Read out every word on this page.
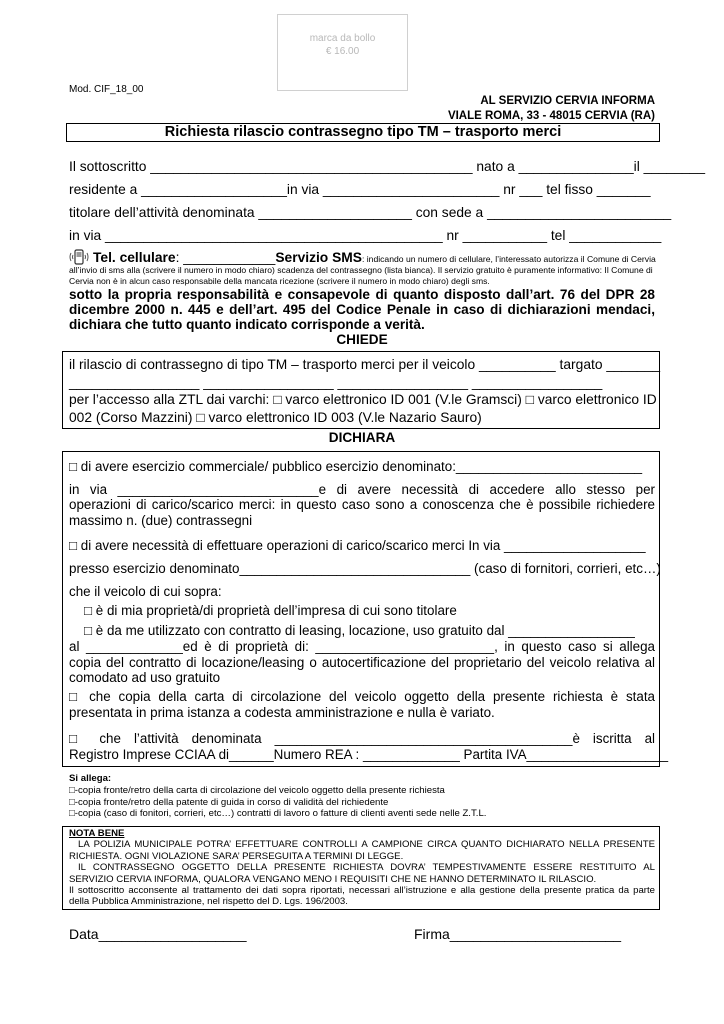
marca da bollo
€ 16.00
Mod. CIF_18_00
AL SERVIZIO CERVIA INFORMA
VIALE ROMA, 33 - 48015 CERVIA (RA)
Richiesta rilascio contrassegno tipo TM – trasporto merci
Il sottoscritto __________________________________________ nato a _______________il ________
residente a ___________________in via _______________________ nr ___ tel fisso _______
titolare dell’attività denominata ____________________ con sede a ________________________
in via ____________________________________________ nr ___________ tel ____________
Tel. cellulare: ____________Servizio SMS: indicando un numero di cellulare, l’interessato autorizza il Comune di Cervia
all’invio di sms alla (scrivere il numero in modo chiaro) scadenza del contrassegno (lista bianca). Il servizio gratuito è puramente informativo: Il Comune di
Cervia non è in alcun caso responsabile della mancata ricezione (scrivere il numero in modo chiaro) degli sms.
sotto la propria responsabilità e consapevole di quanto disposto dall’art. 76 del DPR 28
dicembre 2000 n. 445 e dell’art. 495 del Codice Penale in caso di dichiarazioni mendaci,
dichiara che tutto quanto indicato corrisponde a verità.
CHIEDE
il rilascio di contrassegno di tipo TM – trasporto merci per il veicolo __________ targato _______
_________________ _________________ _________________ _________________
per l’accesso alla ZTL dai varchi: □ varco elettronico ID 001 (V.le Gramsci) □ varco elettronico ID
002 (Corso Mazzini) □ varco elettronico ID 003 (V.le Nazario Sauro)
DICHIARA
□ di avere esercizio commerciale/ pubblico esercizio denominato:_________________________
in via ___________________________e di avere necessità di accedere allo stesso per
operazioni di carico/scarico merci: in questo caso sono a conoscenza che è possibile richiedere
massimo n. (due) contrassegni
□ di avere necessità di effettuare operazioni di carico/scarico merci In via ___________________
presso esercizio denominato_______________________________ (caso di fornitori, corrieri, etc…)
che il veicolo di cui sopra:
□ è di mia proprietà/di proprietà dell’impresa di cui sono titolare
□ è da me utilizzato con contratto di leasing, locazione, uso gratuito dal _________________
al _____________ed è di proprietà di: ________________________, in questo caso si allega
copia del contratto di locazione/leasing o autocertificazione del proprietario del veicolo relativa al
comodato ad uso gratuito
□ che copia della carta di circolazione del veicolo oggetto della presente richiesta è stata
presentata in prima istanza a codesta amministrazione e nulla è variato.
□ che l’attività denominata ________________________________________è iscritta al
Registro Imprese CCIAA di______Numero REA : _____________ Partita IVA___________________
Si allega:
□-copia fronte/retro della carta di circolazione del veicolo oggetto della presente richiesta
□-copia fronte/retro della patente di guida in corso di validità del richiedente
□-copia (caso di fonitori, corrieri, etc…) contratti di lavoro o fatture di clienti aventi sede nelle Z.T.L.
NOTA BENE
LA POLIZIA MUNICIPALE POTRA’ EFFETTUARE CONTROLLI A CAMPIONE CIRCA QUANTO DICHIARATO NELLA PRESENTE
RICHIESTA. OGNI VIOLAZIONE SARA’ PERSEGUITA A TERMINI DI LEGGE.
IL CONTRASSEGNO OGGETTO DELLA PRESENTE RICHIESTA DOVRA’ TEMPESTIVAMENTE ESSERE RESTITUITO AL
SERVIZIO CERVIA INFORMA, QUALORA VENGANO MENO I REQUISITI CHE NE HANNO DETERMINATO IL RILASCIO.
Il sottoscritto acconsente al trattamento dei dati sopra riportati, necessari all’istruzione e alla gestione della presente pratica da parte
della Pubblica Amministrazione, nel rispetto del D. Lgs. 196/2003.
Data___________________	Firma______________________
